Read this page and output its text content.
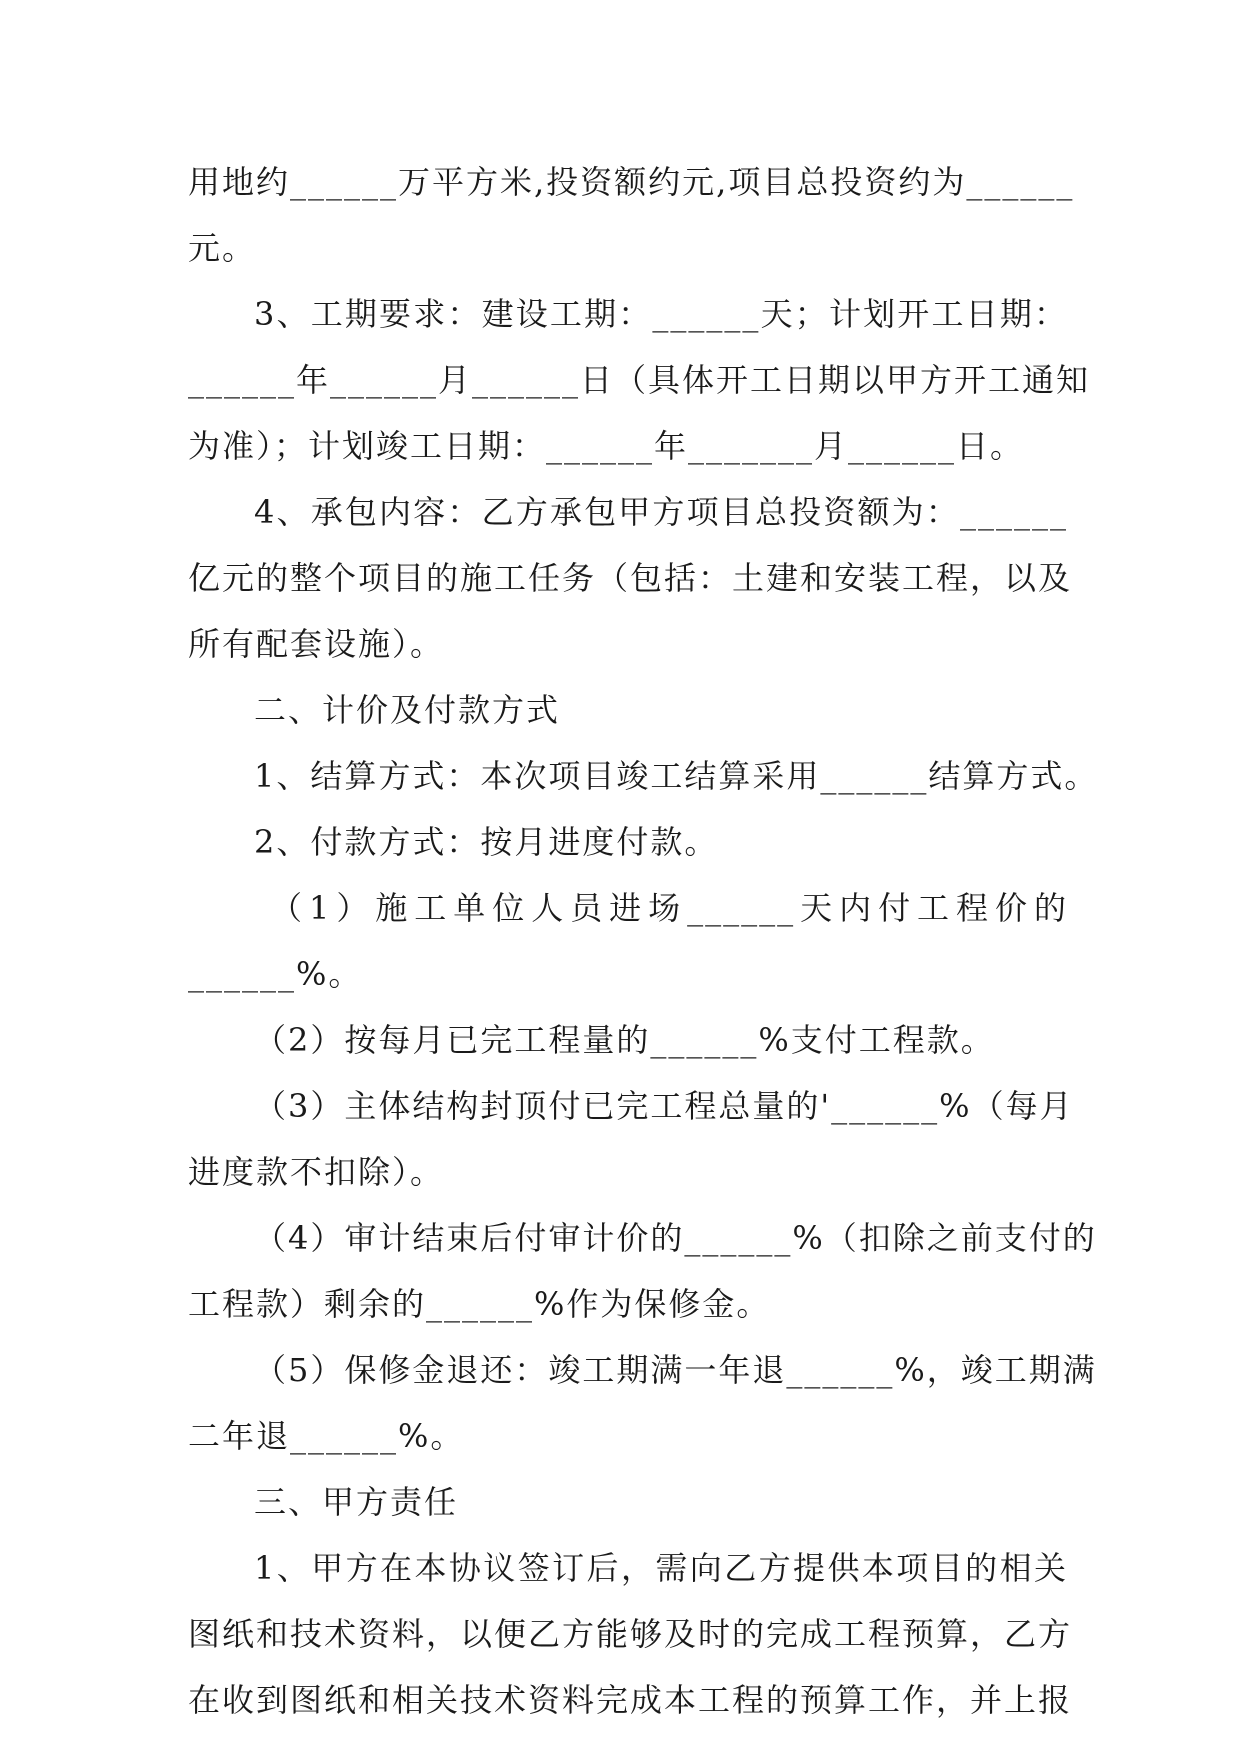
用地约______万平方米,投资额约元,项目总投资约为______
元。
3、工期要求：建设工期：______天；计划开工日期：
______年______月______日（具体开工日期以甲方开工通知
为准）；计划竣工日期：______年_______月______日。
4、承包内容：乙方承包甲方项目总投资额为：______
亿元的整个项目的施工任务（包括：土建和安装工程，以及
所有配套设施）。
二、计价及付款方式
1、结算方式：本次项目竣工结算采用______结算方式。
2、付款方式：按月进度付款。
（1）施工单位人员进场______天内付工程价的
______%。
（2）按每月已完工程量的______%支付工程款。
（3）主体结构封顶付已完工程总量的'______%（每月
进度款不扣除）。
（4）审计结束后付审计价的______%（扣除之前支付的
工程款）剩余的______%作为保修金。
（5）保修金退还：竣工期满一年退______%，竣工期满
二年退______%。
三、甲方责任
1、甲方在本协议签订后，需向乙方提供本项目的相关
图纸和技术资料，以便乙方能够及时的完成工程预算，乙方
在收到图纸和相关技术资料完成本工程的预算工作，并上报
